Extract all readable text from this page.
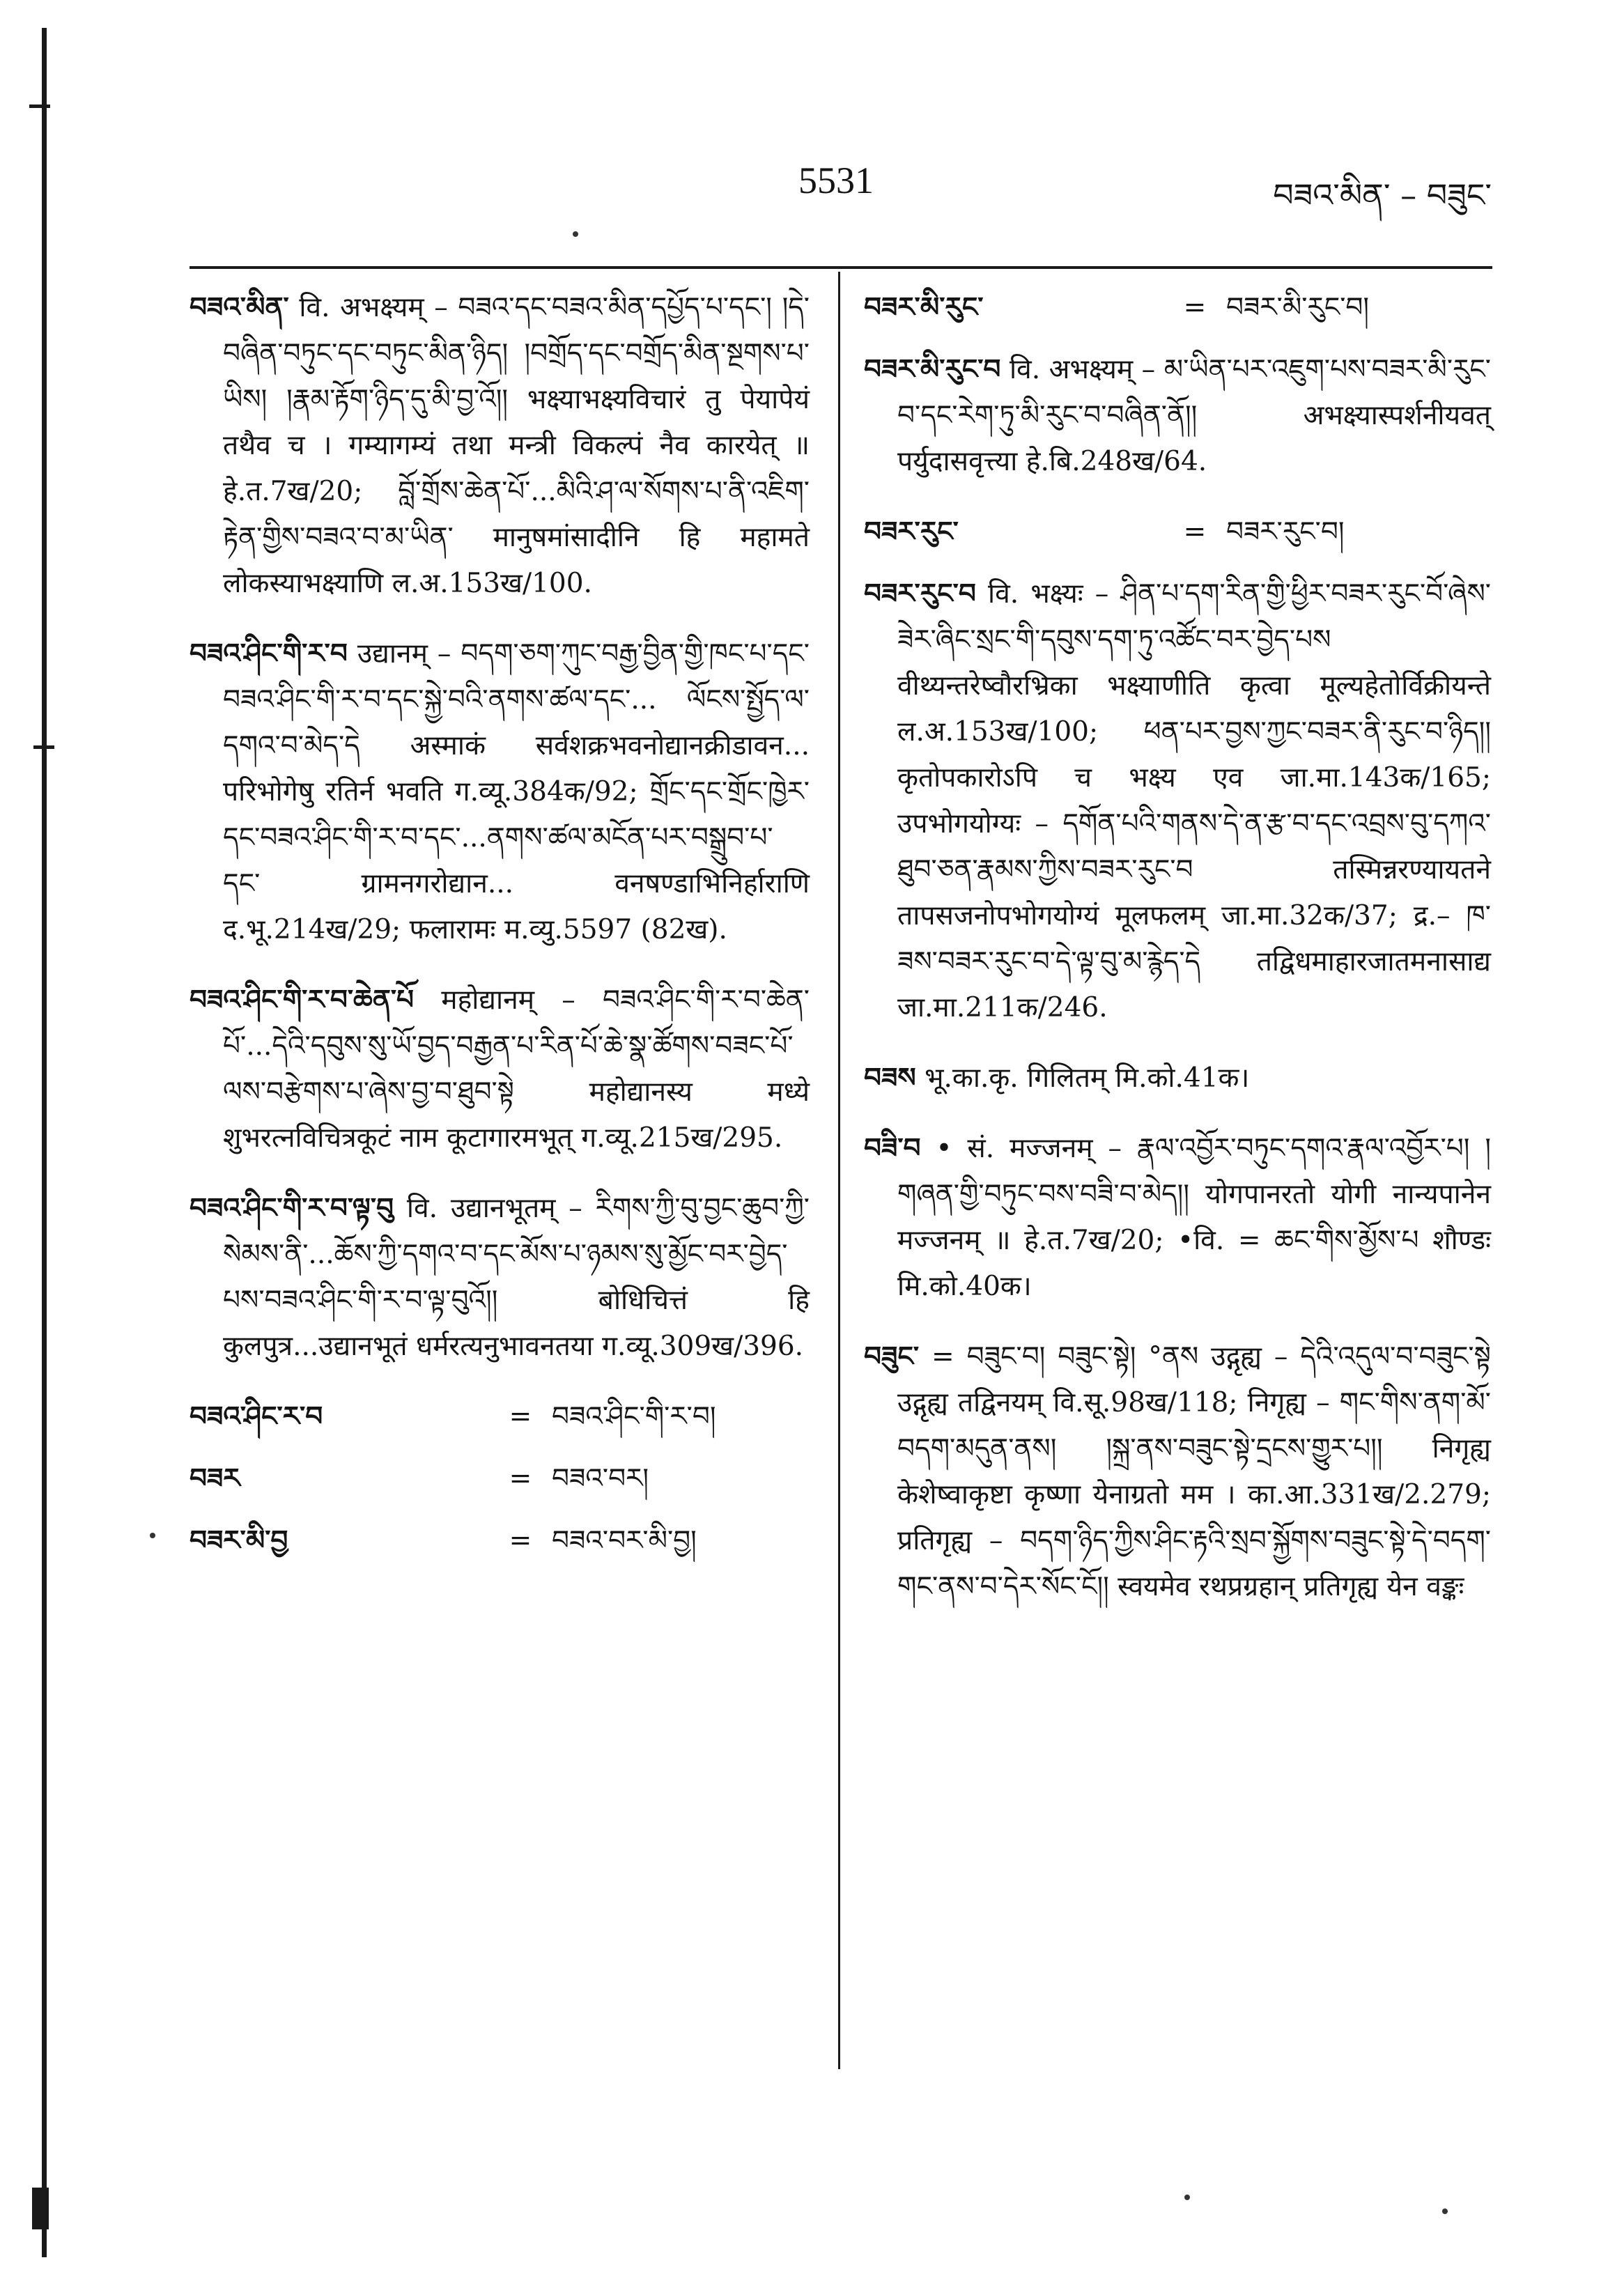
5531	བཟའ་མིན་ – བཟུང་
བཟའ་མིན་ वि. अभक्ष्यम् – བཟའ་དང་བཟའ་མིན་དཔྱོད་པ་དང་། །དེ་བཞིན་བཏུང་དང་བཏུང་མིན་ཉིད། །བགྲོད་དང་བགྲོད་མིན་སྔགས་པ་ཡིས། །རྣམ་རྟོག་ཉིད་དུ་མི་བྱ་འོ།། भक्ष्याभक्ष्यविचारं तु पेयापेयं तथैव च । गम्यागम्यं तथा मन्त्री विकल्पं नैव कारयेत् ॥ हे.त.7ख/20; བློ་གྲོས་ཆེན་པོ་...མིའི་ཤ་ལ་སོགས་པ་ནི་འཇིག་རྟེན་གྱིས་བཟའ་བ་མ་ཡིན་ मानुषमांसादीनि हि महामते लोकस्याभक्ष्याणि ल.अ.153ख/100.
བཟའ་ཤིང་གི་ར་བ उद्यानम् – བདག་ཅག་ཀུང་བརྒྱ་བྱིན་གྱི་ཁང་པ་དང་བཟའ་ཤིང་གི་ར་བ་དང་སྐྱེ་བའི་ནགས་ཚལ་དང་... ལོངས་སྤྱོད་ལ་དགའ་བ་མེད་དེ अस्माकं सर्वशक्रभवनोद्यानक्रीडावन... परिभोगेषु रतिर्न भवति ग.व्यू.384क/92; གྲོང་དང་གྲོང་ཁྱེར་དང་བཟའ་ཤིང་གི་ར་བ་དང་...ནགས་ཚལ་མངོན་པར་བསྒྲུབ་པ་དང་ ग्रामनगरोद्यान... वनषण्डाभिनिर्हाराणि द.भू.214ख/29; फलारामः म.व्यु.5597 (82ख).
བཟའ་ཤིང་གི་ར་བ་ཆེན་པོ महोद्यानम् – བཟའ་ཤིང་གི་ར་བ་ཆེན་པོ་...དེའི་དབུས་སུ་ཡོ་བྱད་བརྒྱན་པ་རིན་པོ་ཆེ་སྣ་ཚོགས་བཟང་པོ་ལས་བརྩེགས་པ་ཞེས་བྱ་བ་ཐུབ་སྟེ महोद्यानस्य मध्ये शुभरत्नविचित्रकूटं नाम कूटागारमभूत् ग.व्यू.215ख/295.
བཟའ་ཤིང་གི་ར་བ་ལྟ་བུ वि. उद्यानभूतम् – རིགས་ཀྱི་བུ་བྱང་ཆུབ་ཀྱི་སེམས་ནི་...ཆོས་ཀྱི་དགའ་བ་དང་མོས་པ་ཉམས་སུ་མྱོང་བར་བྱེད་པས་བཟའ་ཤིང་གི་ར་བ་ལྟ་བུའོ།། बोधिचित्तं हि कुलपुत्र...उद्यानभूतं धर्मरत्यनुभावनतया ग.व्यू.309ख/396.
བཟའ་ཤིང་ར་བ	= བཟའ་ཤིང་གི་ར་བ།
བཟར	= བཟའ་བར།
བཟར་མི་བྱ	= བཟའ་བར་མི་བྱ།
བཟར་མི་རུང་	= བཟར་མི་རུང་བ།
བཟར་མི་རུང་བ वि. अभक्ष्यम् – མ་ཡིན་པར་འཇུག་པས་བཟར་མི་རུང་བ་དང་རེག་ཏུ་མི་རུང་བ་བཞིན་ནོ།། अभक्ष्यास्पर्शनीयवत् पर्युदासवृत्त्या हे.बि.248ख/64.
བཟར་རུང་	= བཟར་རུང་བ།
བཟར་རུང་བ वि. भक्ष्यः – ཤིན་པ་དག་རིན་གྱི་ཕྱིར་བཟར་རུང་བོ་ཞེས་ཟེར་ཞིང་སྲང་གི་དབུས་དག་ཏུ་འཚོང་བར་བྱེད་པས वीथ्यन्तरेष्वौरभ्रिका भक्ष्याणीति कृत्वा मूल्यहेतोर्विक्रीयन्ते ल.अ.153ख/100; ཕན་པར་བྱས་ཀྱང་བཟར་ནི་རུང་བ་ཉིད།། कृतोपकारोऽपि च भक्ष्य एव जा.मा.143क/165; उपभोगयोग्यः – དགོན་པའི་གནས་དེ་ན་རྩ་བ་དང་འབྲས་བུ་དཀའ་ཐུབ་ཅན་རྣམས་ཀྱིས་བཟར་རུང་བ तस्मिन्नरण्यायतने तापसजनोपभोगयोग्यं मूलफलम् जा.मा.32क/37; द्र.– ཁ་ཟས་བཟར་རུང་བ་དེ་ལྟ་བུ་མ་རྙེད་དེ तद्विधमाहारजातमनासाद्य जा.मा.211क/246.
བཟས भू.का.कृ. गिलितम् मि.को.41क।
བཟི་བ • सं. मज्जनम् – རྣལ་འབྱོར་བཏུང་དགའ་རྣལ་འབྱོར་པ། །གཞན་གྱི་བཏུང་བས་བཟི་བ་མེད།། योगपानरतो योगी नान्यपानेन मज्जनम् ॥ हे.त.7ख/20; •वि. = ཆང་གིས་མྱོས་པ शौण्डः मि.को.40क।
བཟུང་ = བཟུང་བ། བཟུང་སྟེ། °ནས उद्गृह्य – དེའི་འདུལ་བ་བཟུང་སྟེ उद्गृह्य तद्विनयम् वि.सू.98ख/118; निगृह्य – གང་གིས་ནག་མོ་བདག་མདུན་ནས། །སྐྲ་ནས་བཟུང་སྟེ་དྲངས་གྱུར་པ།། निगृह्य केशेष्वाकृष्टा कृष्णा येनाग्रतो मम । का.आ.331ख/2.279; प्रतिगृह्य – བདག་ཉིད་ཀྱིས་ཤིང་རྟའི་སྲབ་སྐྱོགས་བཟུང་སྟེ་དེ་བདག་གང་ནས་བ་དེར་སོང་ངོ།། स्वयमेव रथप्रग्रहान् प्रतिगृह्य येन वङ्कः
